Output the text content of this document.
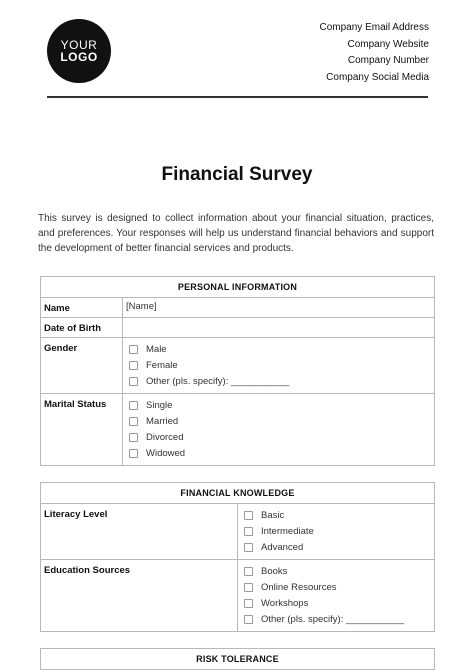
YOUR
LOGO
Company Email Address
Company Website
Company Number
Company Social Media
Financial Survey
This survey is designed to collect information about your financial situation, practices, and preferences. Your responses will help us understand financial behaviors and support the development of better financial services and products.
PERSONAL INFORMATION	
Name	[Name]
Date of Birth	
Gender	Male
Female
Other (pls. specify): ___________

Marital Status	Single
Married
Divorced
Widowed
FINANCIAL KNOWLEDGE	
Literacy Level	Basic
Intermediate
Advanced

Education Sources	Books
Online Resources
Workshops
Other (pls. specify): ___________
RISK TOLERANCE
